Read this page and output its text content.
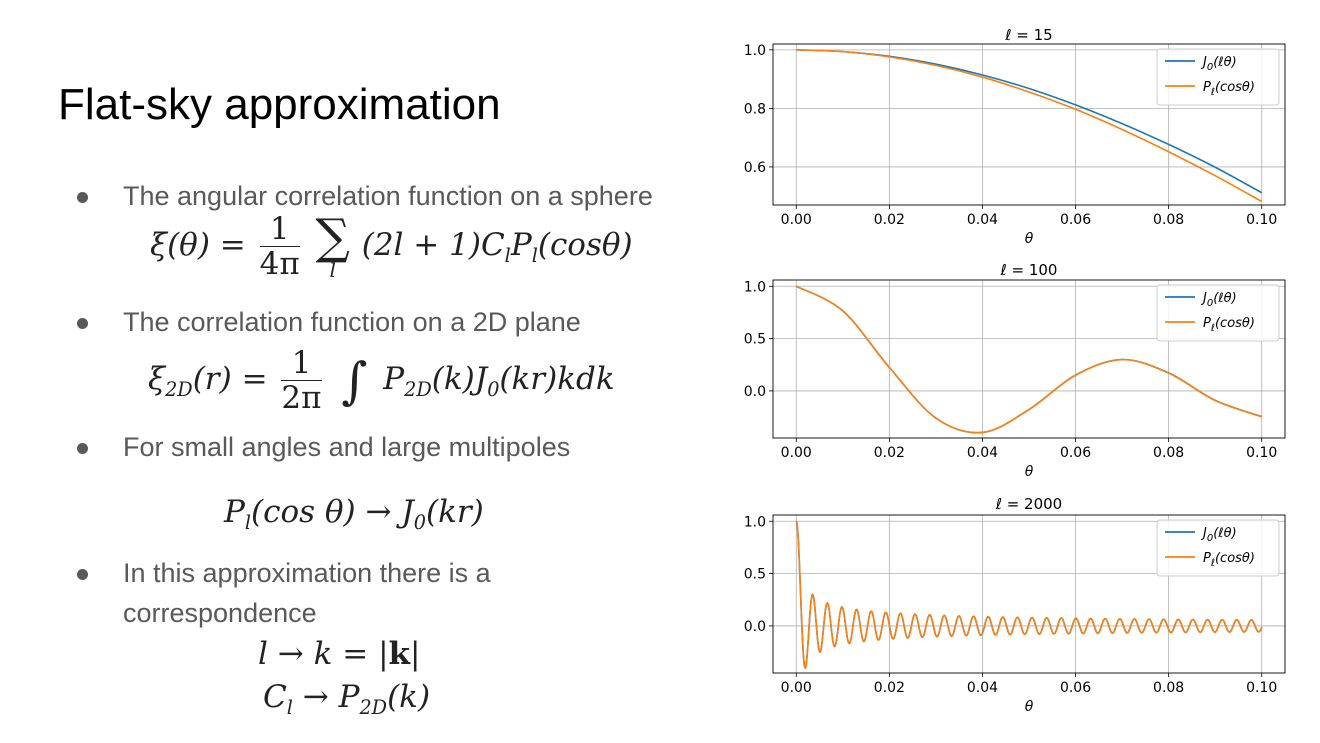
Flat-sky approximation
The angular correlation function on a sphere
$\xi(\theta) = \frac{1}{4\pi}$
∑
l
$(2l + 1)C_lP_l(\cos\theta)$
The correlation function on a 2D plane
$\xi_{2D}(r) = \frac{1}{2\pi}$ ∫ $P_{2D}(k)J_0(kr)kdk$
For small angles and large multipoles
$P_l(\cos$ $\theta) \to J_0(kr)$
In this approximation there is a
correspondence
l → k = |k|
$C_l \to P_{2D}(k)$
0.00	0.02	0.04	0.06	0.08	0.10
0.6
0.8
1.0
ℓ = 15
θ
$J_0(\ell\theta)$
$P_\ell(\cos\theta)$
0.00	0.02	0.04	0.06	0.08	0.10
0.0
0.5
1.0
ℓ = 100
θ
$J_0(\ell\theta)$
$P_\ell(\cos\theta)$
0.00	0.02	0.04	0.06	0.08	0.10
0.0
0.5
1.0
ℓ = 2000
θ
$J_0(\ell\theta)$
$P_\ell(\cos\theta)$
